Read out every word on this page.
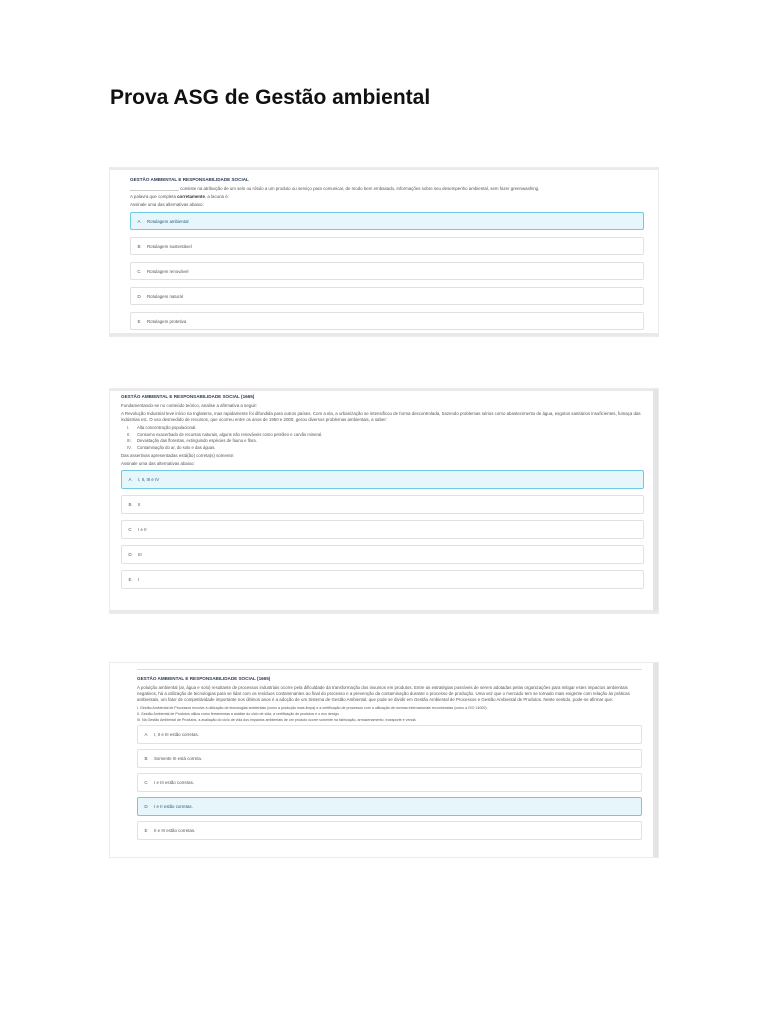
Prova ASG de Gestão ambiental
GESTÃO AMBIENTAL E RESPONSABILIDADE SOCIAL
____________________ consiste na atribuição de um selo ou rótulo a um produto ou serviço para comunicar, de modo bem embasado, informações sobre seu desempenho ambiental, sem fazer greenwashing.
A palavra que completa corretamente, a lacuna é:
Assinale uma das alternativas abaixo:
A	Rotulagem ambiental
B	Rotulagem sustentável
C	Rotulagem renovável
D	Rotulagem natural
E	Rotulagem protetiva
GESTÃO AMBIENTAL E RESPONSABILIDADE SOCIAL (1665)
Fundamentando-se no conteúdo teórico, analise a afirmativa a seguir:
A Revolução Industrial teve início na Inglaterra, mas rapidamente foi difundida para outros países. Com a ela, a urbanização se intensificou de forma descontrolada, trazendo problemas sérios como abastecimento de água, esgotos sanitários insuficientes, fumaça das indústrias etc. O uso desmedido de recursos, que ocorreu entre os anos de 1950 e 2000, gerou diversos problemas ambientais, a saber:
I. Alta concentração populacional.
II. Consumo exacerbado de recursos naturais, alguns não renováveis como petróleo e carvão mineral.
III. Devastação das florestas, extinguindo espécies de fauna e flora.
IV. Contaminação do ar, do solo e das águas.
Das assertivas apresentadas está(ão) correta(s) somente:
Assinale uma das alternativas abaixo:
A	I, II, III e IV
B	II
C	I e II
D	III
E	I
GESTÃO AMBIENTAL E RESPONSABILIDADE SOCIAL (1665)
A poluição ambiental (ar, água e solo) resultante de processos industriais ocorre pela dificuldade da transformação dos insumos em produtos. Entre as estratégias possíveis de serem adotadas pelas organizações para mitigar estes impactos ambientais negativos, há a utilização de tecnologias para se lidar com os resíduos contaminantes ao final do processo e a prevenção da contaminação durante o processo de produção. Uma vez que o mercado tem se tornado mais exigente com relação às práticas ambientais, um fator de competitividade importante nos últimos anos é a adoção de um Sistema de Gestão Ambiental, que pode se dividir em Gestão Ambiental de Processos e Gestão Ambiental de Produtos. Neste sentido, pode-se afirmar que:
I. Gestão Ambiental de Processos envolve a utilização de tecnologias ambientais (como a produção mais limpa) e a certificação de processos com a utilização de normas internacionais reconhecidas (como a ISO 14000).
II. Gestão Ambiental de Produtos utiliza como ferramentas a análise do ciclo de vida, a certificação de produtos e o eco design.
III. Na Gestão Ambiental de Produtos, a avaliação do ciclo de vida dos impactos ambientais de um produto ocorre somente na fabricação, armazenamento, transporte e venda.
A	I, II e III estão corretas.
B	Somente III está correta.
C	I e III estão corretas.
D	I e II estão corretas.
E	II e III estão corretas.
